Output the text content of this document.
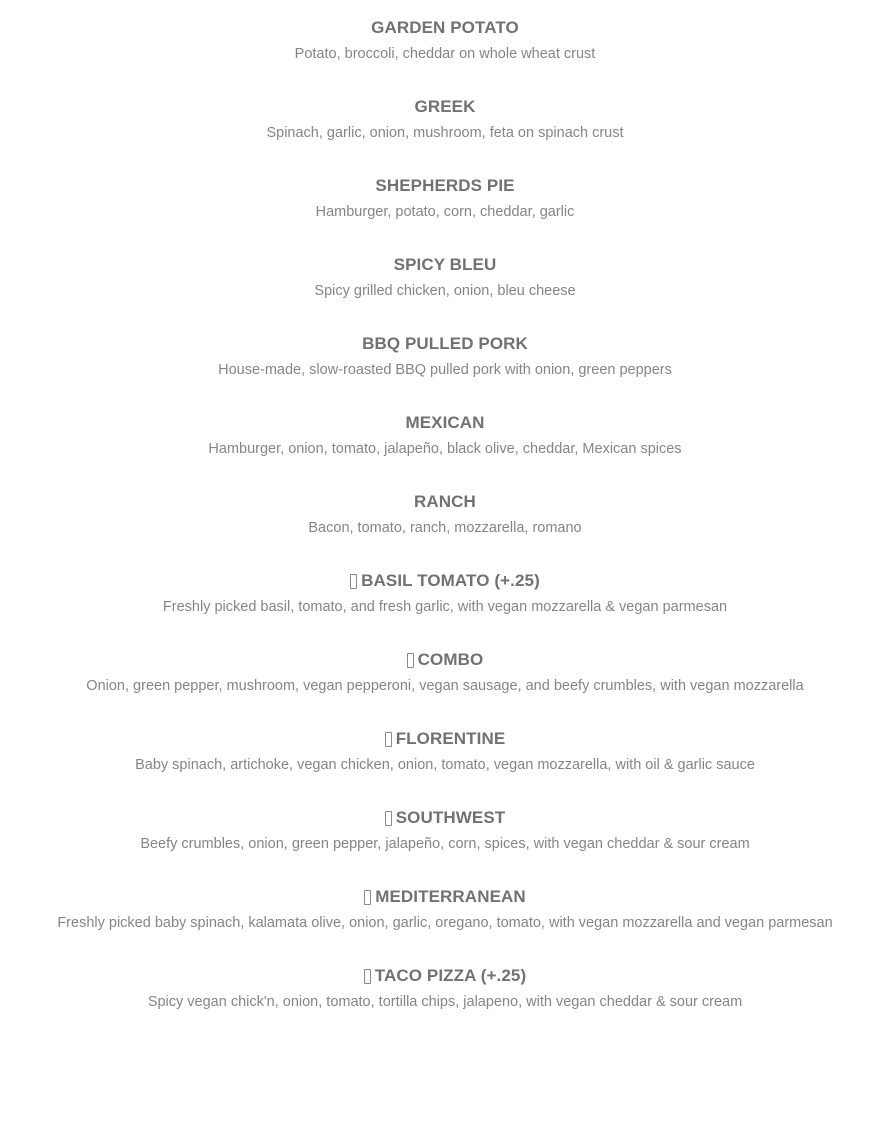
GARDEN POTATO
Potato, broccoli, cheddar on whole wheat crust
GREEK
Spinach, garlic, onion, mushroom, feta on spinach crust
SHEPHERDS PIE
Hamburger, potato, corn, cheddar, garlic
SPICY BLEU
Spicy grilled chicken, onion, bleu cheese
BBQ PULLED PORK
House-made, slow-roasted BBQ pulled pork with onion, green peppers
MEXICAN
Hamburger, onion, tomato, jalapeño, black olive, cheddar, Mexican spices
RANCH
Bacon, tomato, ranch, mozzarella, romano
BASIL TOMATO (+.25)
Freshly picked basil, tomato, and fresh garlic, with vegan mozzarella & vegan parmesan
COMBO
Onion, green pepper, mushroom, vegan pepperoni, vegan sausage, and beefy crumbles, with vegan mozzarella
FLORENTINE
Baby spinach, artichoke, vegan chicken, onion, tomato, vegan mozzarella, with oil & garlic sauce
SOUTHWEST
Beefy crumbles, onion, green pepper, jalapeño, corn, spices, with vegan cheddar & sour cream
MEDITERRANEAN
Freshly picked baby spinach, kalamata olive, onion, garlic, oregano, tomato, with vegan mozzarella and vegan parmesan
TACO PIZZA (+.25)
Spicy vegan chick'n, onion, tomato, tortilla chips, jalapeno, with vegan cheddar & sour cream
